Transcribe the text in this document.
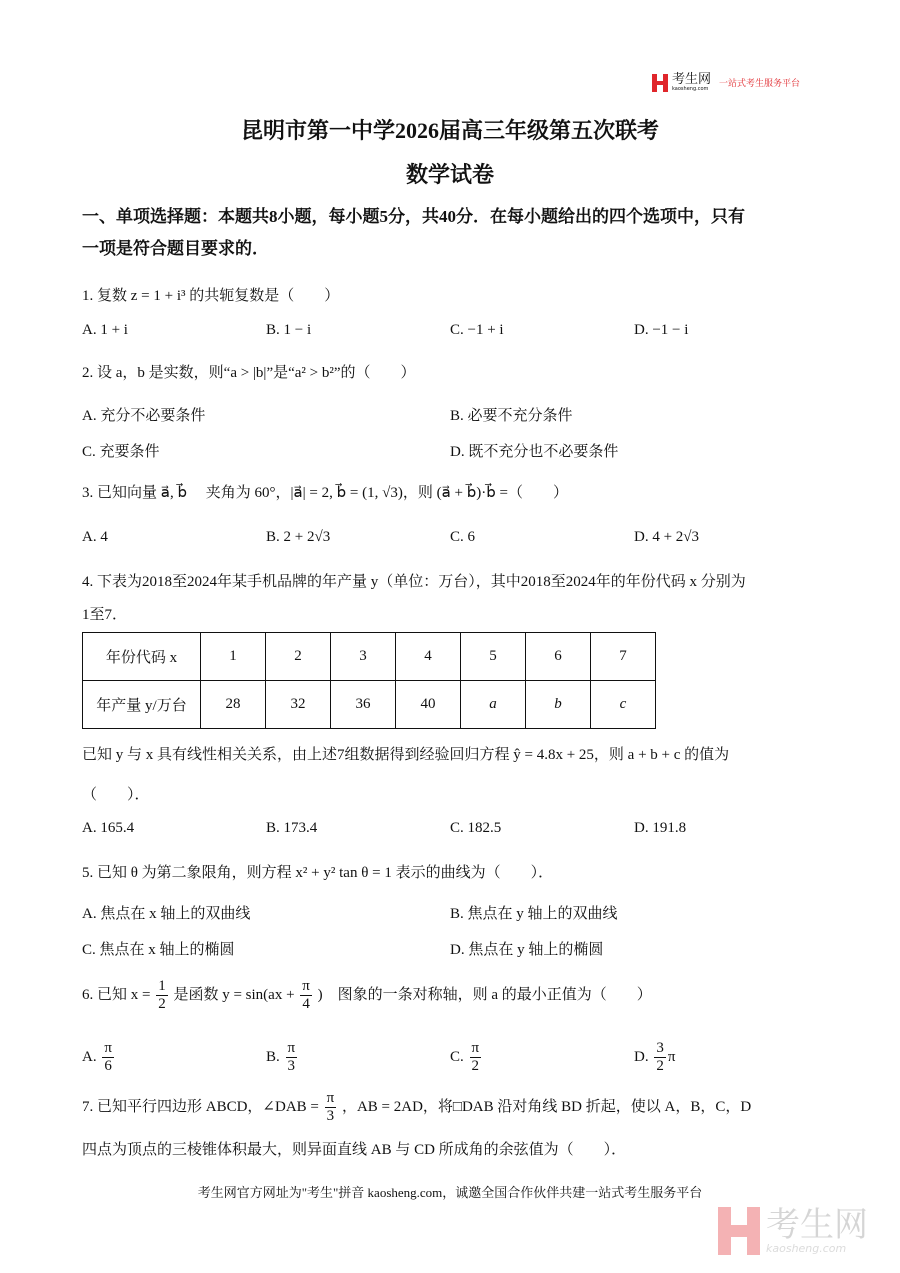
考生网
kaosheng.com 一站式考生服务平台
昆明市第一中学2026届高三年级第五次联考
数学试卷
一、单项选择题：本题共8小题，每小题5分，共40分．在每小题给出的四个选项中，只有
一项是符合题目要求的．
1. 复数 z = 1 + i³ 的共轭复数是（　　）
A. 1 + i	B. 1 − i	C. −1 + i	D. −1 − i
2. 设 a，b 是实数，则“a > |b|”是“a² > b²”的（　　）
A. 充分不必要条件	B. 必要不充分条件
C. 充要条件	D. 既不充分也不必要条件
3. 已知向量 a⃗, b⃗　 夹角为 60°，|a⃗| = 2, b⃗ = (1, √3)，则 (a⃗ + b⃗)·b⃗ =（　　）
A. 4	B. 2 + 2√3	C. 6	D. 4 + 2√3
4. 下表为2018至2024年某手机品牌的年产量 y（单位：万台），其中2018至2024年的年份代码 x 分别为
1至7．
年份代码 x	1	2	3	4	5	6	7
年产量 y/万台	28	32	36	40	a	b	c
已知 y 与 x 具有线性相关关系，由上述7组数据得到经验回归方程 ŷ = 4.8x + 25，则 a + b + c 的值为
（　　）．
A. 165.4	B. 173.4	C. 182.5	D. 191.8
5. 已知 θ 为第二象限角，则方程 x² + y² tan θ = 1 表示的曲线为（　　）．
A. 焦点在 x 轴上的双曲线	B. 焦点在 y 轴上的双曲线
C. 焦点在 x 轴上的椭圆	D. 焦点在 y 轴上的椭圆
6. 已知 $x = \frac{1}{2}$ 是函数 $y = \sin(ax + \frac{\pi}{4}$ )　图象的一条对称轴，则 a 的最小正值为（　　）
A. $\frac{\pi}{6}$	B. $\frac{\pi}{3}$	C. $\frac{\pi}{2}$	D. $\frac{3}{2}$ π
7. 已知平行四边形 ABCD，∠DAB = $\frac{\pi}{3}$ ，AB = 2AD，将□DAB 沿对角线 BD 折起，使以 A，B，C，D
四点为顶点的三棱锥体积最大，则异面直线 AB 与 CD 所成角的余弦值为（　　）．
考生网官方网址为"考生"拼音 kaosheng.com，诚邀全国合作伙伴共建一站式考生服务平台
考生网
kaosheng.com
